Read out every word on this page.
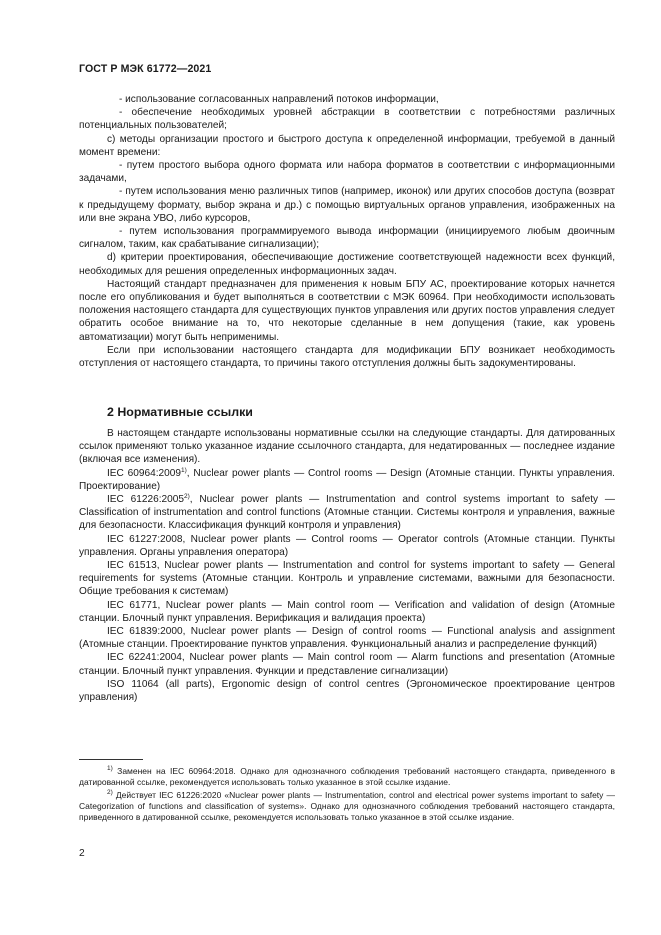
ГОСТ Р МЭК 61772—2021

- использование согласованных направлений потоков информации,

- обеспечение необходимых уровней абстракции в соответствии с потребностями различных потенциальных пользователей;

c) методы организации простого и быстрого доступа к определенной информации, требуемой в данный момент времени:

- путем простого выбора одного формата или набора форматов в соответствии с информационными задачами,

- путем использования меню различных типов (например, иконок) или других способов доступа (возврат к предыдущему формату, выбор экрана и др.) с помощью виртуальных органов управления, изображенных на или вне экрана УВО, либо курсоров,

- путем использования программируемого вывода информации (инициируемого любым двоичным сигналом, таким, как срабатывание сигнализации);

d) критерии проектирования, обеспечивающие достижение соответствующей надежности всех функций, необходимых для решения определенных информационных задач.

Настоящий стандарт предназначен для применения к новым БПУ АС, проектирование которых начнется после его опубликования и будет выполняться в соответствии с МЭК 60964. При необходимости использовать положения настоящего стандарта для существующих пунктов управления или других постов управления следует обратить особое внимание на то, что некоторые сделанные в нем допущения (такие, как уровень автоматизации) могут быть неприменимы.

Если при использовании настоящего стандарта для модификации БПУ возникает необходимость отступления от настоящего стандарта, то причины такого отступления должны быть задокументированы.

2 Нормативные ссылки

В настоящем стандарте использованы нормативные ссылки на следующие стандарты. Для датированных ссылок применяют только указанное издание ссылочного стандарта, для недатированных — последнее издание (включая все изменения).

IEC 60964:2009$^{1)}$, Nuclear power plants — Control rooms — Design (Атомные станции. Пункты управления. Проектирование)

IEC 61226:2005$^{2)}$, Nuclear power plants — Instrumentation and control systems important to safety — Classification of instrumentation and control functions (Атомные станции. Системы контроля и управления, важные для безопасности. Классификация функций контроля и управления)

IEC 61227:2008, Nuclear power plants — Control rooms — Operator controls (Атомные станции. Пункты управления. Органы управления оператора)

IEC 61513, Nuclear power plants — Instrumentation and control for systems important to safety — General requirements for systems (Атомные станции. Контроль и управление системами, важными для безопасности. Общие требования к системам)

IEC 61771, Nuclear power plants — Main control room — Verification and validation of design (Атомные станции. Блочный пункт управления. Верификация и валидация проекта)

IEC 61839:2000, Nuclear power plants — Design of control rooms — Functional analysis and assignment (Атомные станции. Проектирование пунктов управления. Функциональный анализ и распределение функций)

IEC 62241:2004, Nuclear power plants — Main control room — Alarm functions and presentation (Атомные станции. Блочный пункт управления. Функции и представление сигнализации)

ISO 11064 (all parts), Ergonomic design of control centres (Эргономическое проектирование центров управления)

$^{1)}$ Заменен на IEC 60964:2018. Однако для однозначного соблюдения требований настоящего стандарта, приведенного в датированной ссылке, рекомендуется использовать только указанное в этой ссылке издание.

$^{2)}$ Действует IEC 61226:2020 «Nuclear power plants — Instrumentation, control and electrical power systems important to safety — Categorization of functions and classification of systems». Однако для однозначного соблюдения требований настоящего стандарта, приведенного в датированной ссылке, рекомендуется использовать только указанное в этой ссылке издание.

2
